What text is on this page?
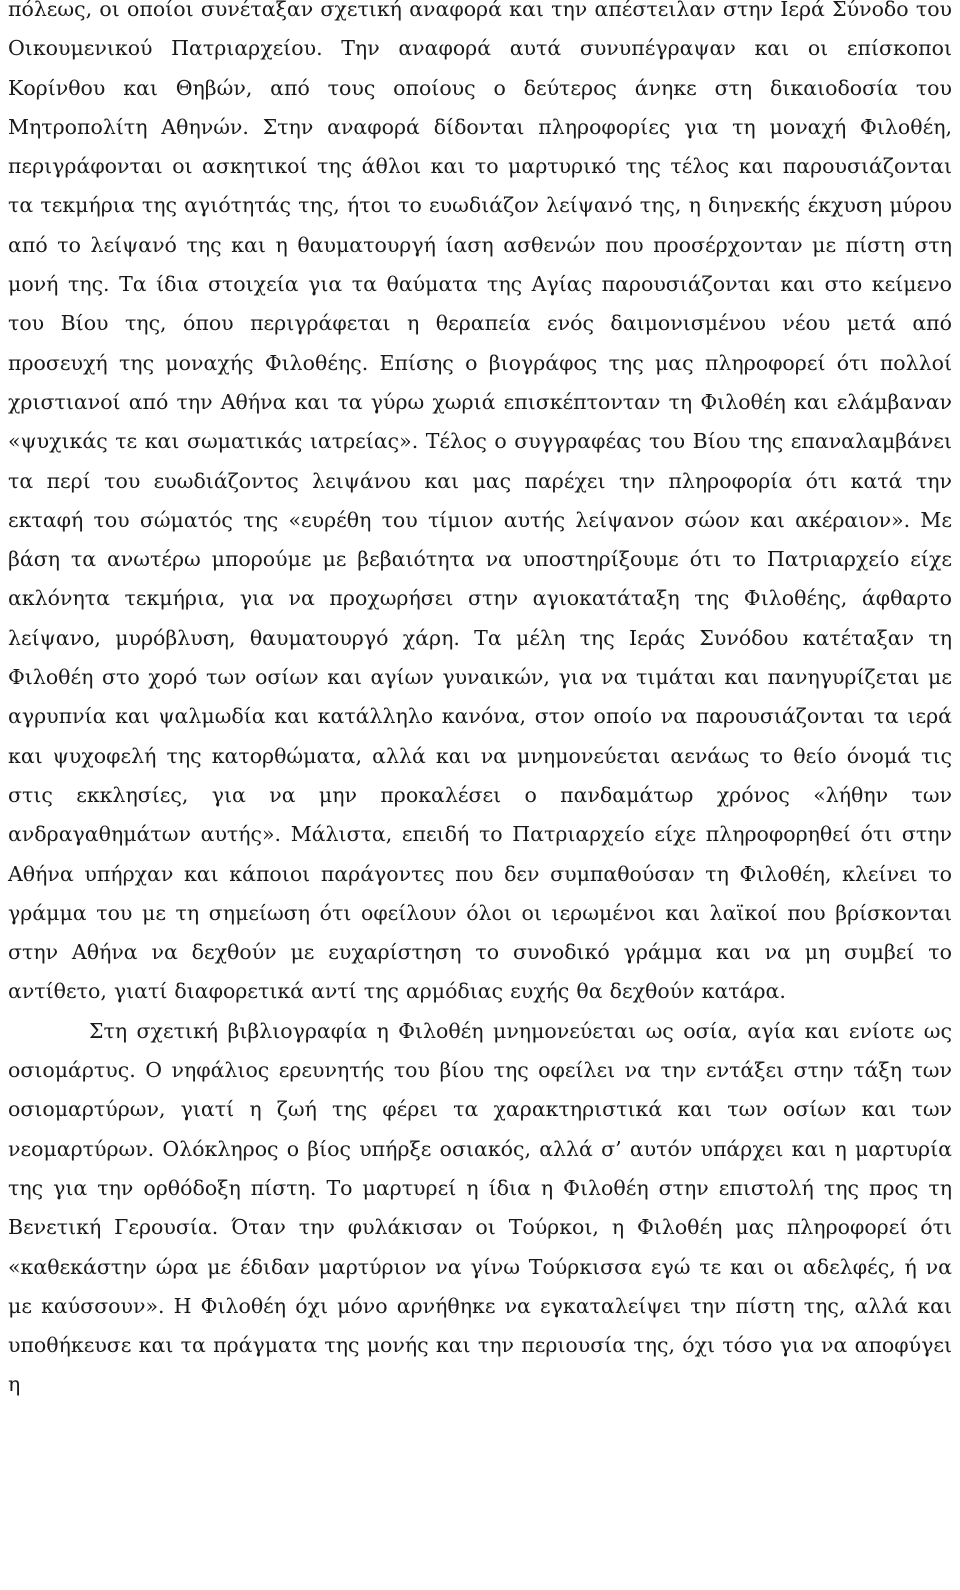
πόλεως, οι οποίοι συνέταξαν σχετική αναφορά και την απέστειλαν στην Ιερά Σύνοδο του Οικουμενικού Πατριαρχείου. Την αναφορά αυτά συνυπέγραψαν και οι επίσκοποι Κορίνθου και Θηβών, από τους οποίους ο δεύτερος άνηκε στη δικαιοδοσία του Μητροπολίτη Αθηνών. Στην αναφορά δίδονται πληροφορίες για τη μοναχή Φιλοθέη, περιγράφονται οι ασκητικοί της άθλοι και το μαρτυρικό της τέλος και παρουσιάζονται τα τεκμήρια της αγιότητάς της, ήτοι το ευωδιάζον λείψανό της, η διηνεκής έκχυση μύρου από το λείψανό της και η θαυματουργή ίαση ασθενών που προσέρχονταν με πίστη στη μονή της. Τα ίδια στοιχεία για τα θαύματα της Αγίας παρουσιάζονται και στο κείμενο του Βίου της, όπου περιγράφεται η θεραπεία ενός δαιμονισμένου νέου μετά από προσευχή της μοναχής Φιλοθέης. Επίσης ο βιογράφος της μας πληροφορεί ότι πολλοί χριστιανοί από την Αθήνα και τα γύρω χωριά επισκέπτονταν τη Φιλοθέη και ελάμβαναν «ψυχικάς τε και σωματικάς ιατρείας». Τέλος ο συγγραφέας του Βίου της επαναλαμβάνει τα περί του ευωδιάζοντος λειψάνου και μας παρέχει την πληροφορία ότι κατά την εκταφή του σώματός της «ευρέθη του τίμιον αυτής λείψανον σώον και ακέραιον». Με βάση τα ανωτέρω μπορούμε με βεβαιότητα να υποστηρίξουμε ότι το Πατριαρχείο είχε ακλόνητα τεκμήρια, για να προχωρήσει στην αγιοκατάταξη της Φιλοθέης, άφθαρτο λείψανο, μυρόβλυση, θαυματουργό χάρη. Τα μέλη της Ιεράς Συνόδου κατέταξαν τη Φιλοθέη στο χορό των οσίων και αγίων γυναικών, για να τιμάται και πανηγυρίζεται με αγρυπνία και ψαλμωδία και κατάλληλο κανόνα, στον οποίο να παρουσιάζονται τα ιερά και ψυχοφελή της κατορθώματα, αλλά και να μνημονεύεται αενάως το θείο όνομά τις στις εκκλησίες, για να μην προκαλέσει ο πανδαμάτωρ χρόνος «λήθην των ανδραγαθημάτων αυτής». Μάλιστα, επειδή το Πατριαρχείο είχε πληροφορηθεί ότι στην Αθήνα υπήρχαν και κάποιοι παράγοντες που δεν συμπαθούσαν τη Φιλοθέη, κλείνει το γράμμα του με τη σημείωση ότι οφείλουν όλοι οι ιερωμένοι και λαϊκοί που βρίσκονται στην Αθήνα να δεχθούν με ευχαρίστηση το συνοδικό γράμμα και να μη συμβεί το αντίθετο, γιατί διαφορετικά αντί της αρμόδιας ευχής θα δεχθούν κατάρα.

Στη σχετική βιβλιογραφία η Φιλοθέη μνημονεύεται ως οσία, αγία και ενίοτε ως οσιομάρτυς. Ο νηφάλιος ερευνητής του βίου της οφείλει να την εντάξει στην τάξη των οσιομαρτύρων, γιατί η ζωή της φέρει τα χαρακτηριστικά και των οσίων και των νεομαρτύρων. Ολόκληρος ο βίος υπήρξε οσιακός, αλλά σ’ αυτόν υπάρχει και η μαρτυρία της για την ορθόδοξη πίστη. Το μαρτυρεί η ίδια η Φιλοθέη στην επιστολή της προς τη Βενετική Γερουσία. Όταν την φυλάκισαν οι Τούρκοι, η Φιλοθέη μας πληροφορεί ότι «καθεκάστην ώρα με έδιδαν μαρτύριον να γίνω Τούρκισσα εγώ τε και οι αδελφές, ή να με καύσσουν». Η Φιλοθέη όχι μόνο αρνήθηκε να εγκαταλείψει την πίστη της, αλλά και υποθήκευσε και τα πράγματα της μονής και την περιουσία της, όχι τόσο για να αποφύγει η
